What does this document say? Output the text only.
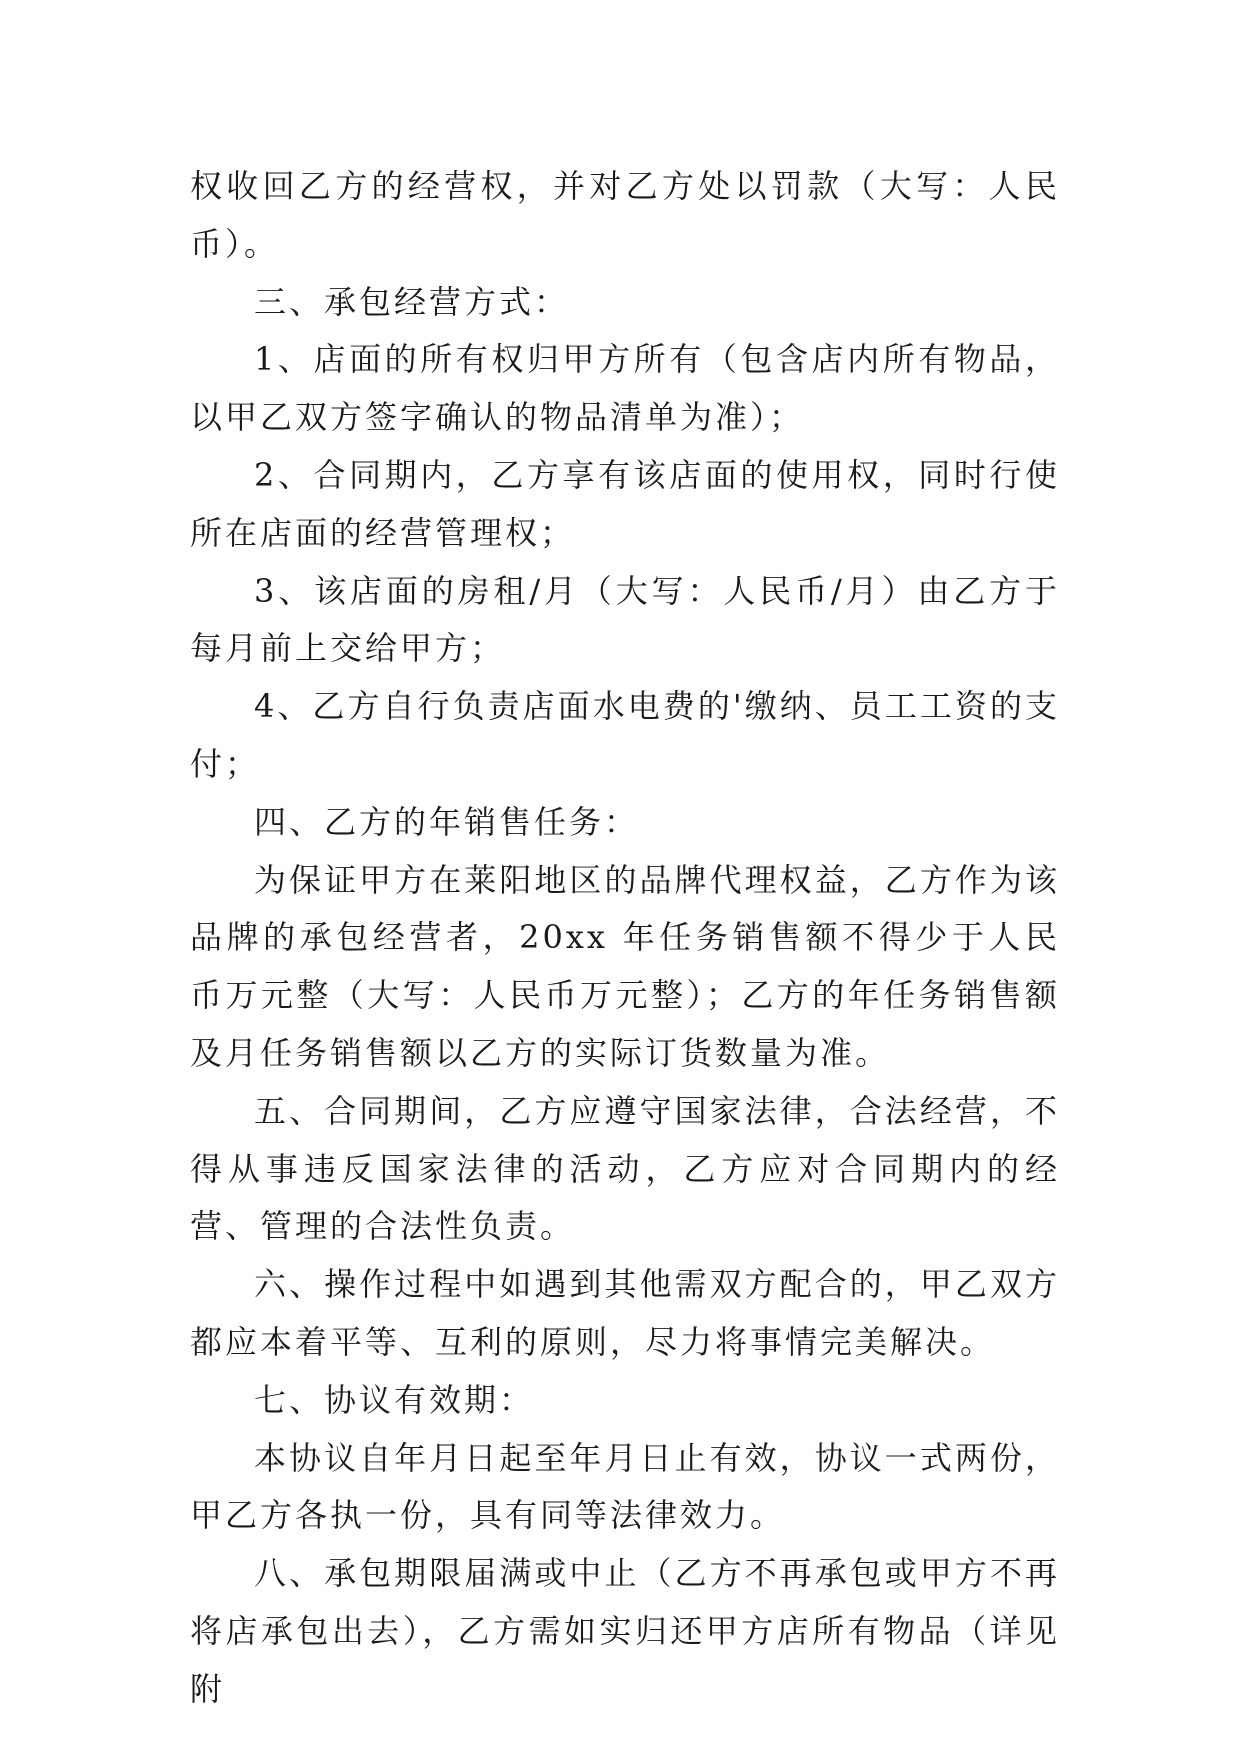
权收回乙方的经营权，并对乙方处以罚款（大写：人民币）。

三、承包经营方式：

1、店面的所有权归甲方所有（包含店内所有物品，以甲乙双方签字确认的物品清单为准）；

2、合同期内，乙方享有该店面的使用权，同时行使所在店面的经营管理权；

3、该店面的房租/月（大写：人民币/月）由乙方于每月前上交给甲方；

4、乙方自行负责店面水电费的'缴纳、员工工资的支付；

四、乙方的年销售任务：

为保证甲方在莱阳地区的品牌代理权益，乙方作为该品牌的承包经营者，20xx 年任务销售额不得少于人民币万元整（大写：人民币万元整）；乙方的年任务销售额及月任务销售额以乙方的实际订货数量为准。

五、合同期间，乙方应遵守国家法律，合法经营，不得从事违反国家法律的活动，乙方应对合同期内的经营、管理的合法性负责。

六、操作过程中如遇到其他需双方配合的，甲乙双方都应本着平等、互利的原则，尽力将事情完美解决。

七、协议有效期：

本协议自年月日起至年月日止有效，协议一式两份，甲乙方各执一份，具有同等法律效力。

八、承包期限届满或中止（乙方不再承包或甲方不再将店承包出去），乙方需如实归还甲方店所有物品（详见附
